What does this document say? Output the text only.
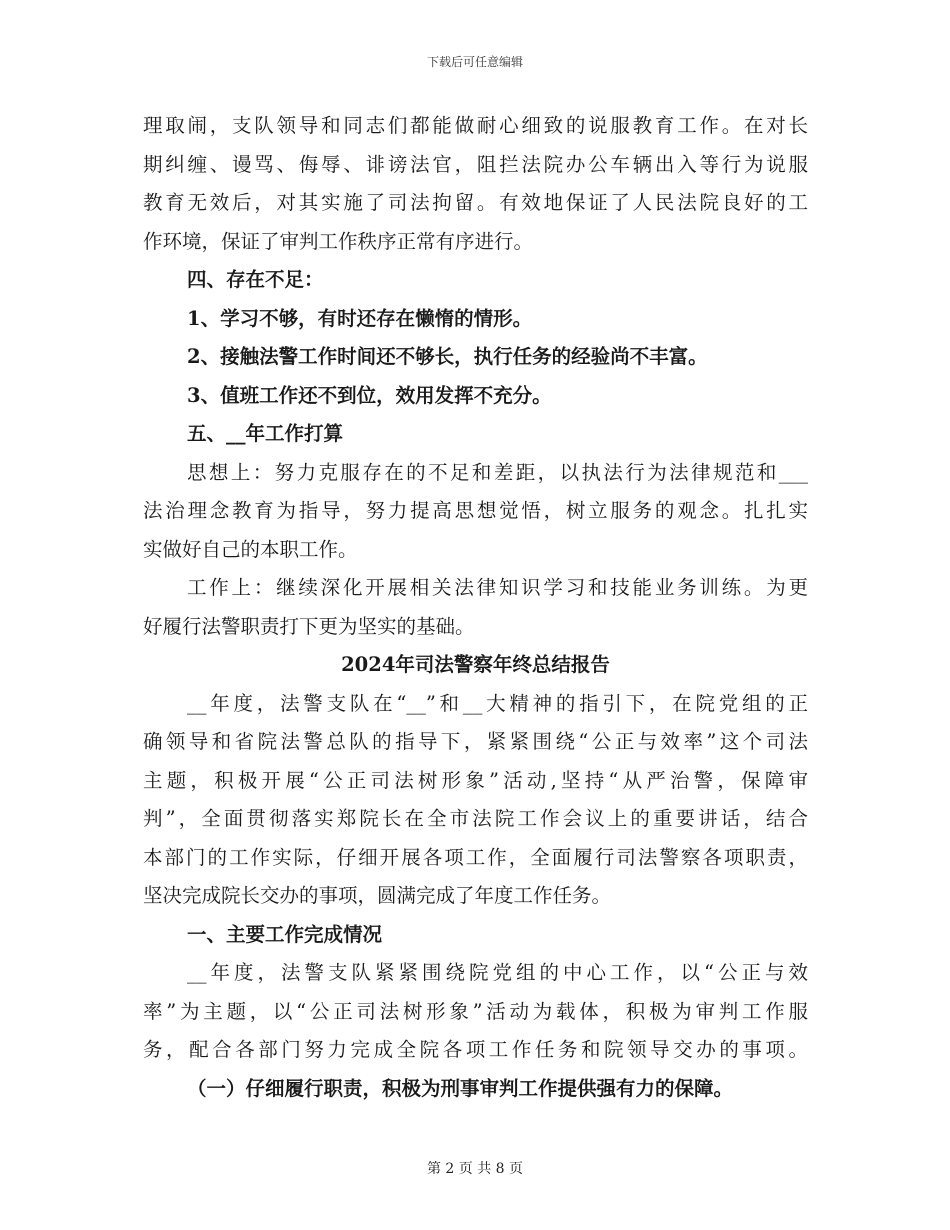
下载后可任意编辑
理取闹，支队领导和同志们都能做耐心细致的说服教育工作。在对长
期纠缠、谩骂、侮辱、诽谤法官，阻拦法院办公车辆出入等行为说服
教育无效后，对其实施了司法拘留。有效地保证了人民法院良好的工
作环境，保证了审判工作秩序正常有序进行。
四、存在不足：
1、学习不够，有时还存在懒惰的情形。
2、接触法警工作时间还不够长，执行任务的经验尚不丰富。
3、值班工作还不到位，效用发挥不充分。
五、__年工作打算
思想上：努力克服存在的不足和差距，以执法行为法律规范和___
法治理念教育为指导，努力提高思想觉悟，树立服务的观念。扎扎实
实做好自己的本职工作。
工作上：继续深化开展相关法律知识学习和技能业务训练。为更
好履行法警职责打下更为坚实的基础。
2024年司法警察年终总结报告
__年度，法警支队在“__”和__大精神的指引下，在院党组的正
确领导和省院法警总队的指导下，紧紧围绕“公正与效率”这个司法
主题，积极开展“公正司法树形象”活动,坚持“从严治警，保障审
判”，全面贯彻落实郑院长在全市法院工作会议上的重要讲话，结合
本部门的工作实际，仔细开展各项工作，全面履行司法警察各项职责，
坚决完成院长交办的事项，圆满完成了年度工作任务。
一、主要工作完成情况
__年度，法警支队紧紧围绕院党组的中心工作，以“公正与效
率”为主题，以“公正司法树形象”活动为载体，积极为审判工作服
务，配合各部门努力完成全院各项工作任务和院领导交办的事项。
（一）仔细履行职责，积极为刑事审判工作提供强有力的保障。
第 2 页 共 8 页
